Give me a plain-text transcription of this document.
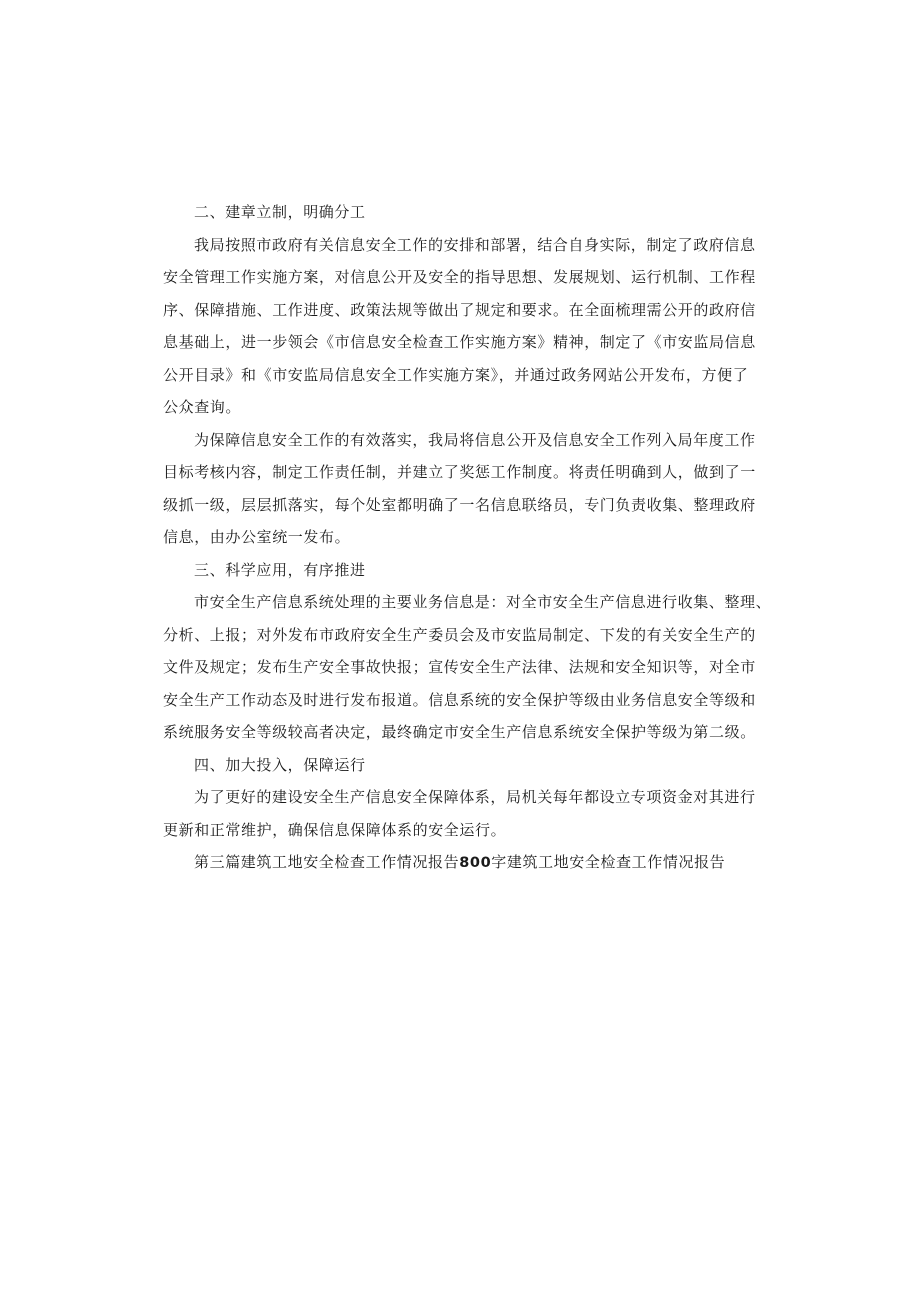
二、建章立制，明确分工
我局按照市政府有关信息安全工作的安排和部署，结合自身实际，制定了政府信息
安全管理工作实施方案，对信息公开及安全的指导思想、发展规划、运行机制、工作程
序、保障措施、工作进度、政策法规等做出了规定和要求。在全面梳理需公开的政府信
息基础上，进一步领会《市信息安全检查工作实施方案》精神，制定了《市安监局信息
公开目录》和《市安监局信息安全工作实施方案》，并通过政务网站公开发布，方便了
公众查询。
为保障信息安全工作的有效落实，我局将信息公开及信息安全工作列入局年度工作
目标考核内容，制定工作责任制，并建立了奖惩工作制度。将责任明确到人，做到了一
级抓一级，层层抓落实，每个处室都明确了一名信息联络员，专门负责收集、整理政府
信息，由办公室统一发布。
三、科学应用，有序推进
市安全生产信息系统处理的主要业务信息是：对全市安全生产信息进行收集、整理、
分析、上报；对外发布市政府安全生产委员会及市安监局制定、下发的有关安全生产的
文件及规定；发布生产安全事故快报；宣传安全生产法律、法规和安全知识等，对全市
安全生产工作动态及时进行发布报道。信息系统的安全保护等级由业务信息安全等级和
系统服务安全等级较高者决定，最终确定市安全生产信息系统安全保护等级为第二级。
四、加大投入，保障运行
为了更好的建设安全生产信息安全保障体系，局机关每年都设立专项资金对其进行
更新和正常维护，确保信息保障体系的安全运行。
第三篇建筑工地安全检查工作情况报告800字建筑工地安全检查工作情况报告
